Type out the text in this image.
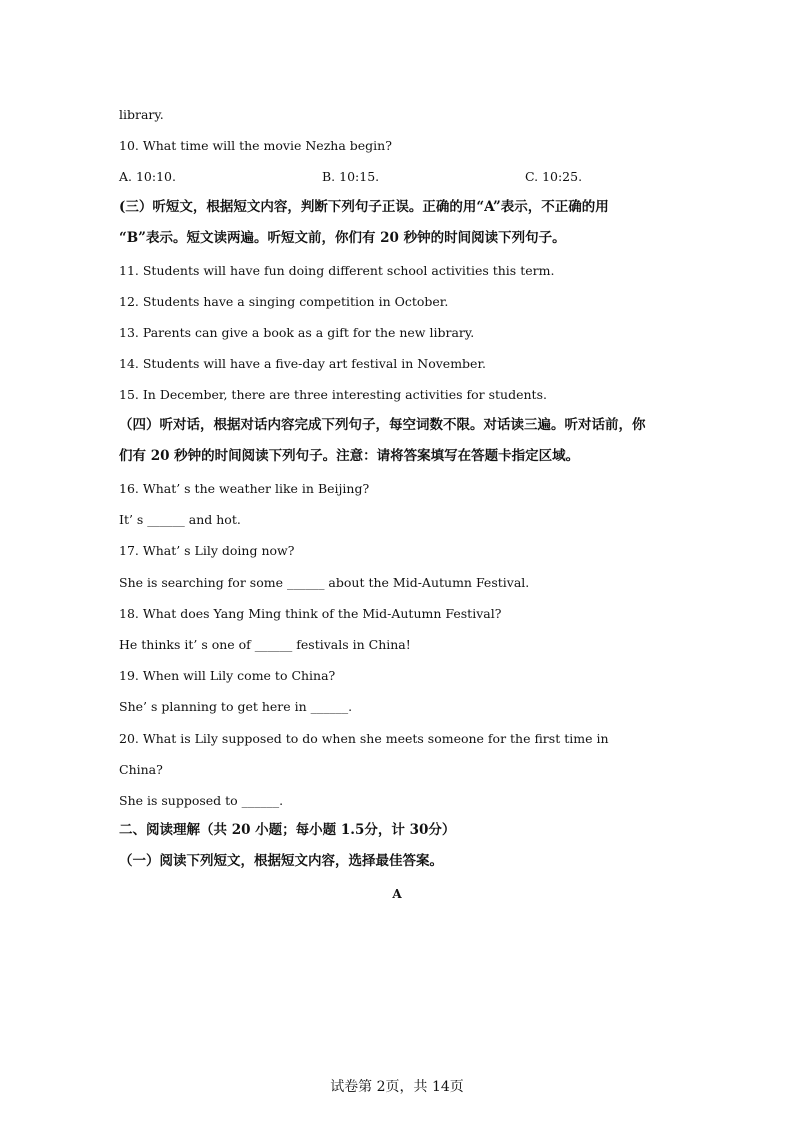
library.
10. What time will the movie Nezha begin?
A. 10:10.	B. 10:15.	C. 10:25.
(三）听短文，根据短文内容，判断下列句子正误。正确的用“A”表示，不正确的用
“B”表示。短文读两遍。听短文前，你们有 20 秒钟的时间阅读下列句子。
11. Students will have fun doing different school activities this term.
12. Students have a singing competition in October.
13. Parents can give a book as a gift for the new library.
14. Students will have a five-day art festival in November.
15. In December, there are three interesting activities for students.
（四）听对话，根据对话内容完成下列句子，每空词数不限。对话读三遍。听对话前，你
们有 20 秒钟的时间阅读下列句子。注意：请将答案填写在答题卡指定区域。
16. What’ s the weather like in Beijing?
It’ s ______ and hot.
17. What’ s Lily doing now?
She is searching for some ______ about the Mid-Autumn Festival.
18. What does Yang Ming think of the Mid-Autumn Festival?
He thinks it’ s one of ______ festivals in China!
19. When will Lily come to China?
She’ s planning to get here in ______.
20. What is Lily supposed to do when she meets someone for the first time in
China?
She is supposed to ______.
二、阅读理解（共 20 小题；每小题 1.5分，计 30分）
（一）阅读下列短文，根据短文内容，选择最佳答案。
A
试卷第 2页，共 14页
